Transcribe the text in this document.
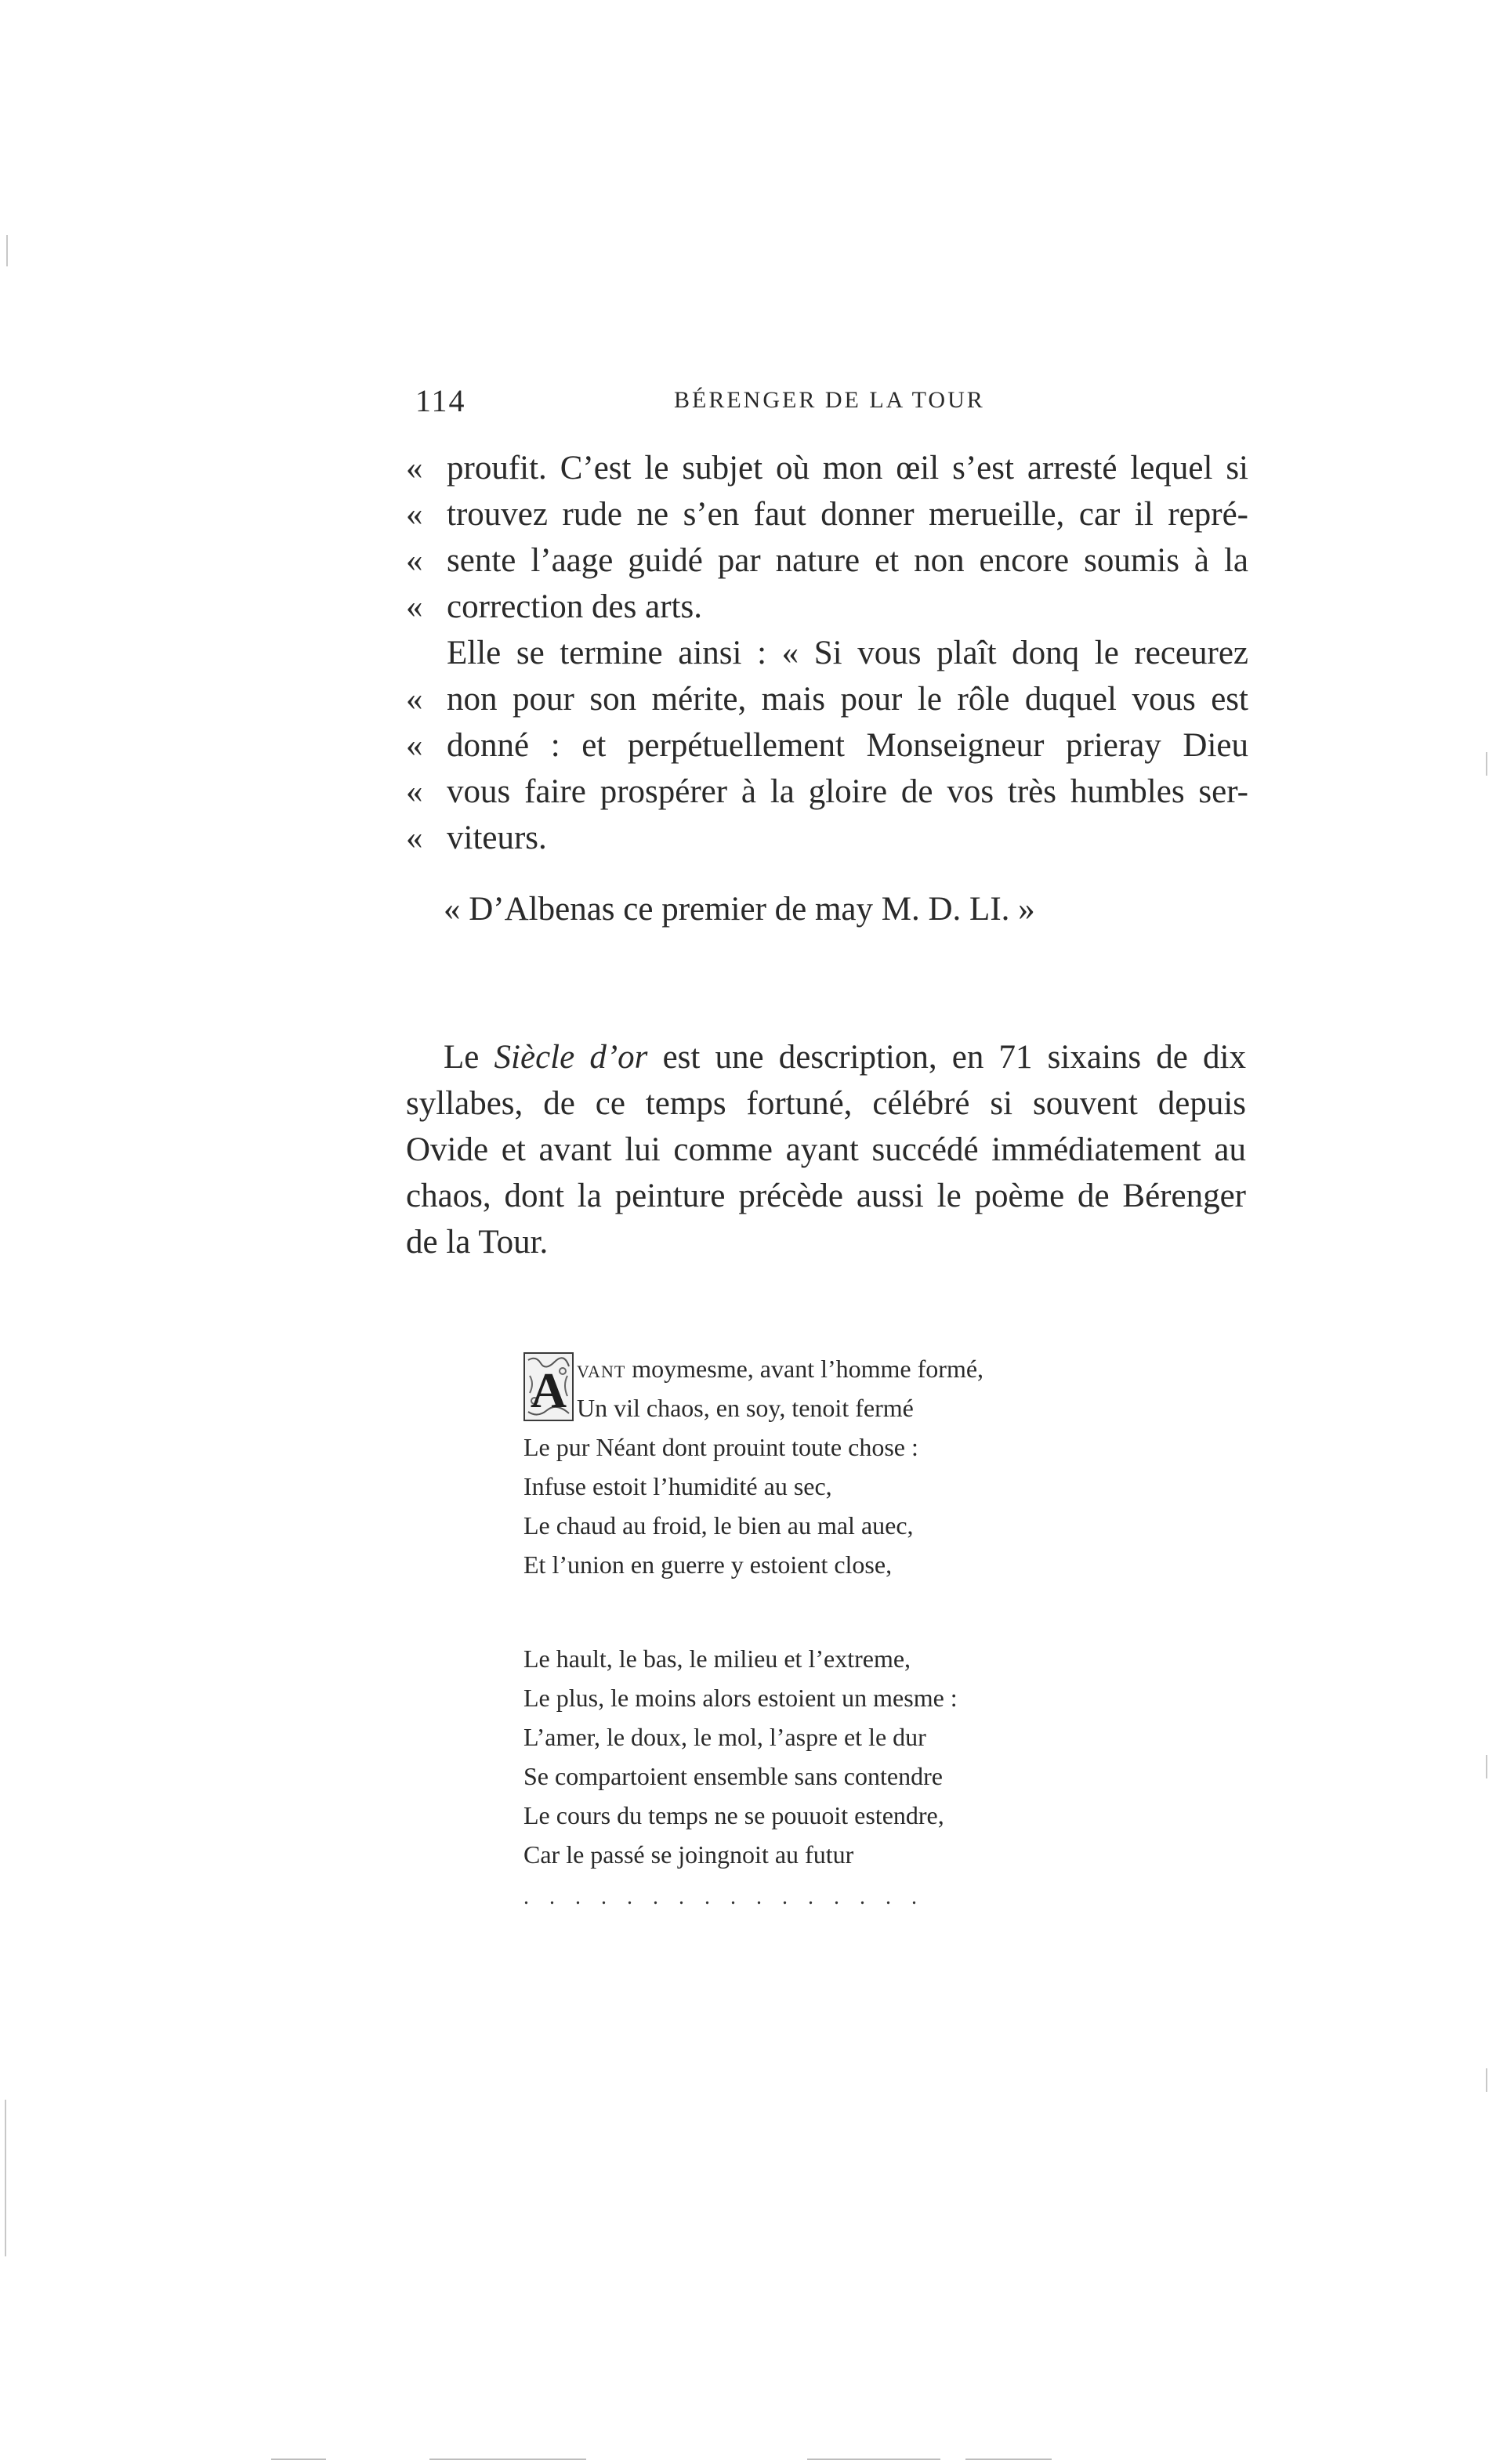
114	BÉRENGER DE LA TOUR
« proufit. C’est le subjet où mon œil s’est arresté lequel si
« trouvez rude ne s’en faut donner merueille, car il repré-
« sente l’aage guidé par nature et non encore soumis à la
« correction des arts.
Elle se termine ainsi : « Si vous plaît donq le receurez
« non pour son mérite, mais pour le rôle duquel vous est
« donné : et perpétuellement Monseigneur prieray Dieu
« vous faire prospérer à la gloire de vos très humbles ser-
« viteurs.
« D’Albenas ce premier de may M. D. LI. »
Le Siècle d’or est une description, en 71 sixains de dix
syllabes, de ce temps fortuné, célébré si souvent depuis
Ovide et avant lui comme ayant succédé immédiatement au
chaos, dont la peinture précède aussi le poème de Bérenger
de la Tour.
A vant moymesme, avant l’homme formé,
Un vil chaos, en soy, tenoit fermé
Le pur Néant dont prouint toute chose :
Infuse estoit l’humidité au sec,
Le chaud au froid, le bien au mal auec,
Et l’union en guerre y estoient close,
Le hault, le bas, le milieu et l’extreme,
Le plus, le moins alors estoient un mesme :
L’amer, le doux, le mol, l’aspre et le dur
Se compartoient ensemble sans contendre
Le cours du temps ne se pouuoit estendre,
Car le passé se joingnoit au futur
................
